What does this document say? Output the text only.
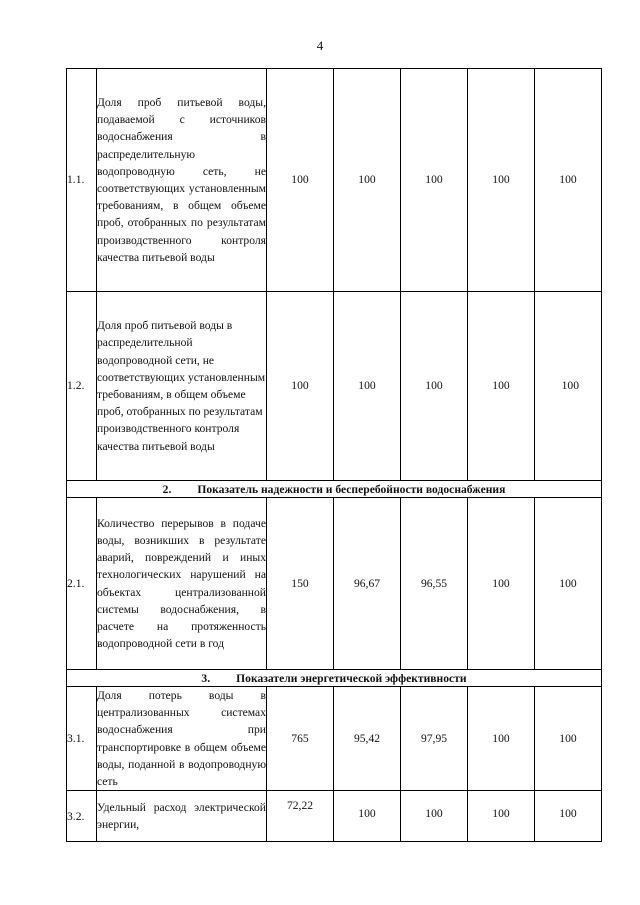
4
1.1.	Доля проб питьевой воды, подаваемой с источников водоснабжения в распределительную водопроводную сеть, не соответствующих установленным требованиям, в общем объеме проб, отобранных по результатам производственного контроля качества питьевой воды	100	100	100	100	100
1.2.	Доля проб питьевой воды в распределительной водопроводной сети, не соответствующих установленным требованиям, в общем объеме проб, отобранных по результатам производственного контроля качества питьевой воды	100	100	100	100	100
2. Показатель надежности и бесперебойности водоснабжения						
2.1.	Количество перерывов в подаче воды, возникших в результате аварий, повреждений и иных технологических нарушений на объектах централизованной системы водоснабжения, в расчете на протяженность водопроводной сети в год	150	96,67	96,55	100	100
3. Показатели энергетической эффективности						
3.1.	Доля потерь воды в централизованных системах водоснабжения при транспортировке в общем объеме воды, поданной в водопроводную сеть	765	95,42	97,95	100	100
3.2.	Удельный расход электрической энергии,	72,22	100	100	100	100
